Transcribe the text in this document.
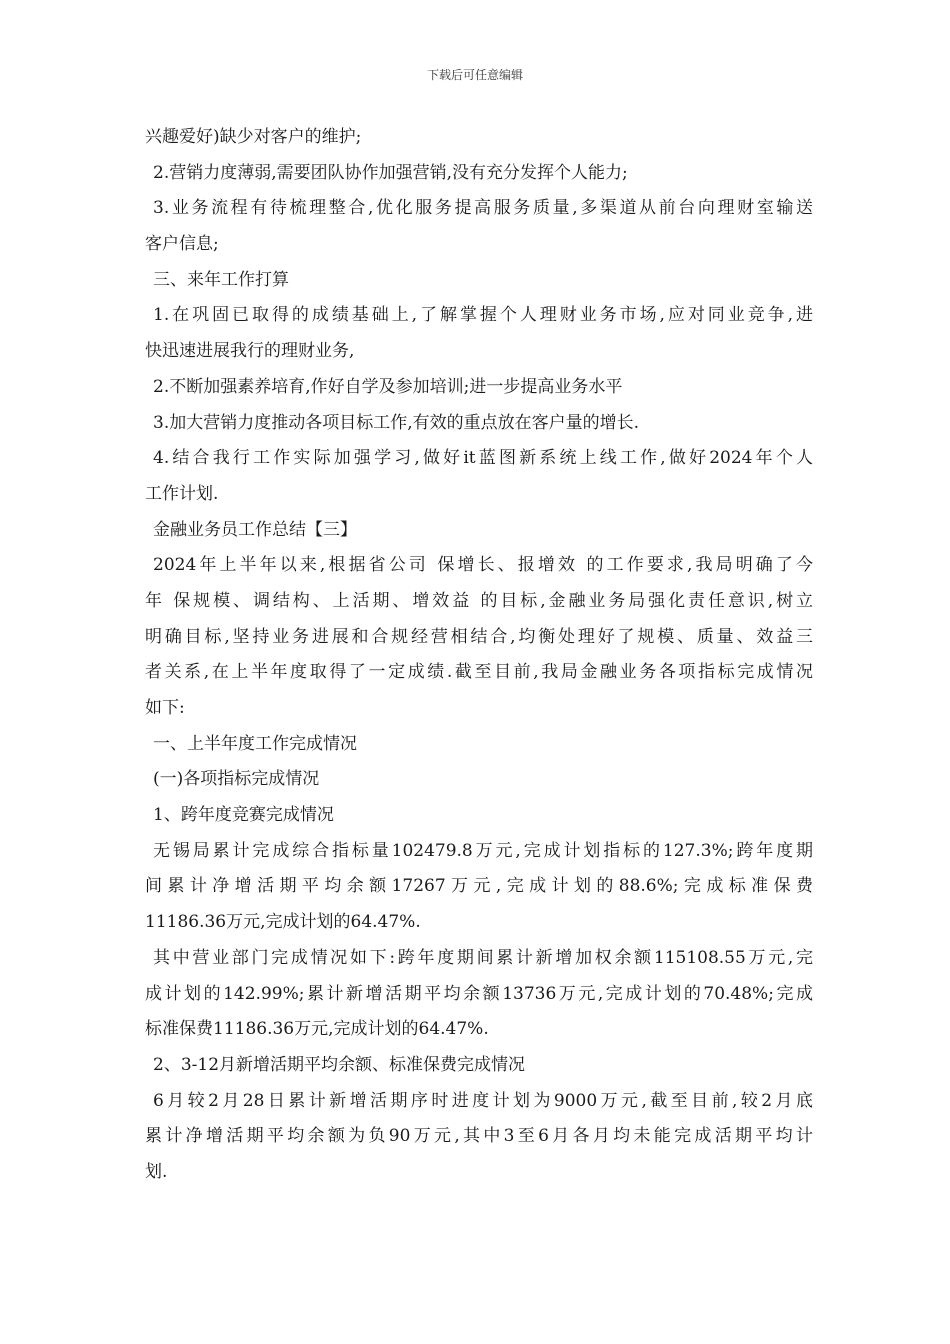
下载后可任意编辑
兴趣爱好)缺少对客户的维护;
2.营销力度薄弱,需要团队协作加强营销,没有充分发挥个人能力;
3.业务流程有待梳理整合,优化服务提高服务质量,多渠道从前台向理财室输送
客户信息;
三、来年工作打算
1.在巩固已取得的成绩基础上,了解掌握个人理财业务市场,应对同业竞争,进
快迅速进展我行的理财业务,
2.不断加强素养培育,作好自学及参加培训;进一步提高业务水平
3.加大营销力度推动各项目标工作,有效的重点放在客户量的增长.
4.结合我行工作实际加强学习,做好it蓝图新系统上线工作,做好2024年个人
工作计划.
金融业务员工作总结【三】
2024年上半年以来,根据省公司 保增长、报增效 的工作要求,我局明确了今
年 保规模、调结构、上活期、增效益 的目标,金融业务局强化责任意识,树立
明确目标,坚持业务进展和合规经营相结合,均衡处理好了规模、质量、效益三
者关系,在上半年度取得了一定成绩.截至目前,我局金融业务各项指标完成情况
如下:
一、上半年度工作完成情况
(一)各项指标完成情况
1、跨年度竞赛完成情况
无锡局累计完成综合指标量102479.8万元,完成计划指标的127.3%;跨年度期
间累计净增活期平均余额17267万元,完成计划的88.6%;完成标准保费
11186.36万元,完成计划的64.47%.
其中营业部门完成情况如下:跨年度期间累计新增加权余额115108.55万元,完
成计划的142.99%;累计新增活期平均余额13736万元,完成计划的70.48%;完成
标准保费11186.36万元,完成计划的64.47%.
2、3-12月新增活期平均余额、标准保费完成情况
6月较2月28日累计新增活期序时进度计划为9000万元,截至目前,较2月底
累计净增活期平均余额为负90万元,其中3至6月各月均未能完成活期平均计
划.
